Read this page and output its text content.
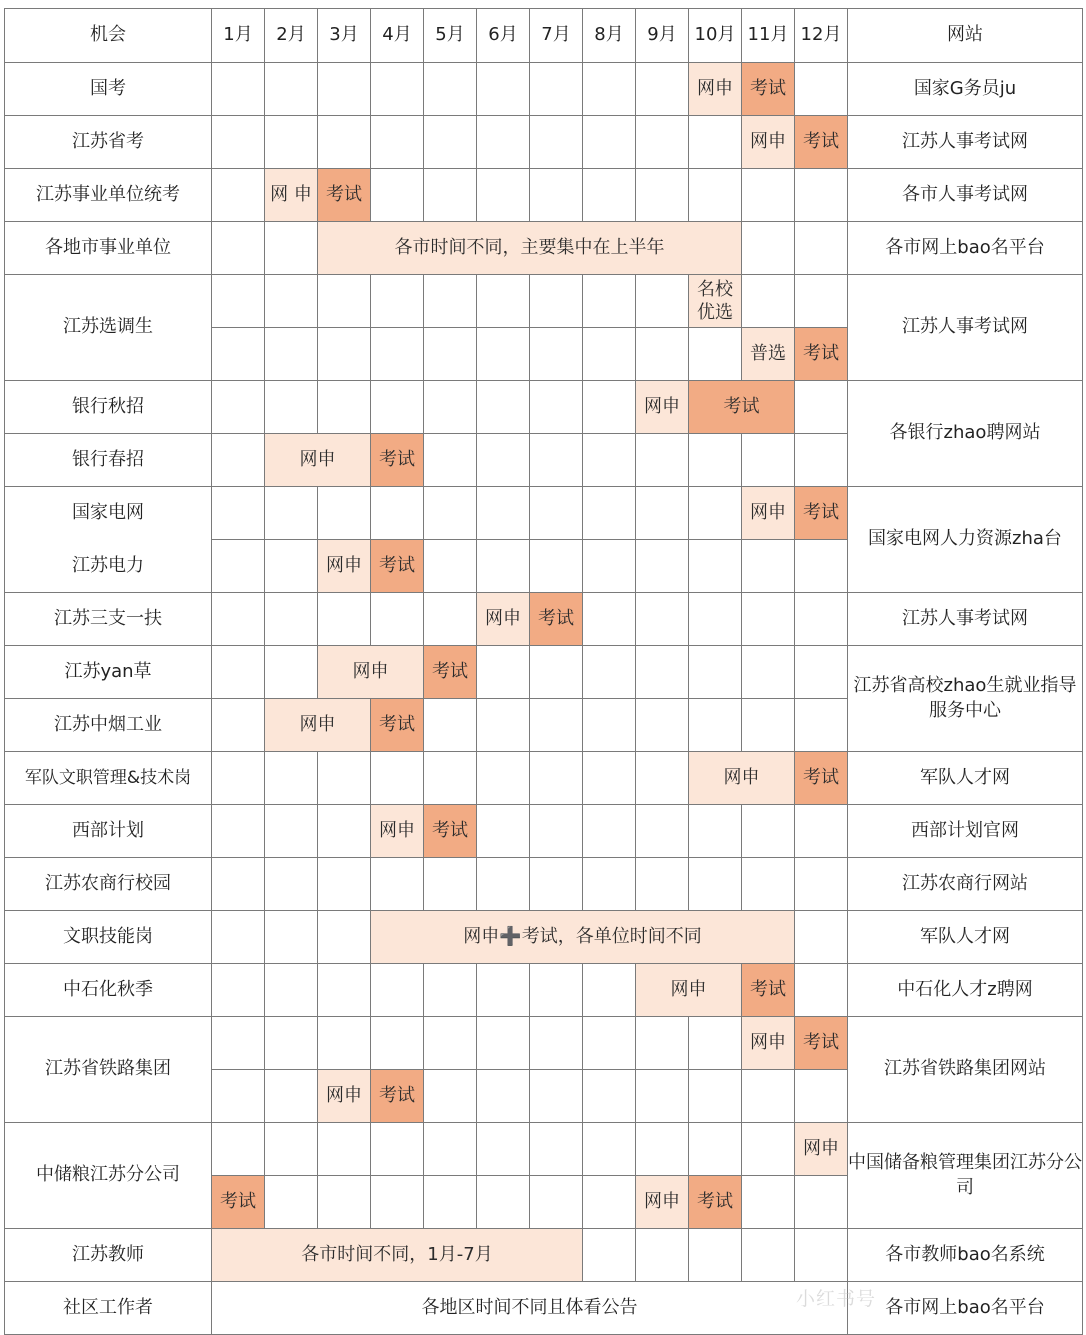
机会	1月	2月	3月	4月	5月	6月	7月	8月	9月	10月	11月	12月	网站
国考										网申	考试		国家G务员ju
江苏省考											网申	考试	江苏人事考试网
江苏事业单位统考		网 申	考试										各市人事考试网
各地市事业单位			各市时间不同，主要集中在上半年										各市网上bao名平台
江苏选调生										名校优选			江苏人事考试网
											普选	考试	
银行秋招									网申	考试			各银行zhao聘网站
银行春招		网申		考试									
国家电网											网申	考试	国家电网人力资源zha台
江苏电力			网申	考试									
江苏三支一扶						网申	考试						江苏人事考试网
江苏yan草			网申		考试								江苏省高校zhao生就业指导服务中心
江苏中烟工业		网申		考试									
军队文职管理&技术岗										网申		考试	军队人才网
西部计划				网申	考试								西部计划官网
江苏农商行校园													江苏农商行网站
文职技能岗				网申➕考试，各单位时间不同									军队人才网
中石化秋季									网申		考试		中石化人才z聘网
江苏省铁路集团											网申	考试	江苏省铁路集团网站
			网申	考试									
中储粮江苏分公司												网申	中国储备粮管理集团江苏分公司
	考试								网申	考试			
江苏教师	各市时间不同，1月-7月												各市教师bao名系统
社区工作者	各地区时间不同且体看公告												各市网上bao名平台
小红书号
